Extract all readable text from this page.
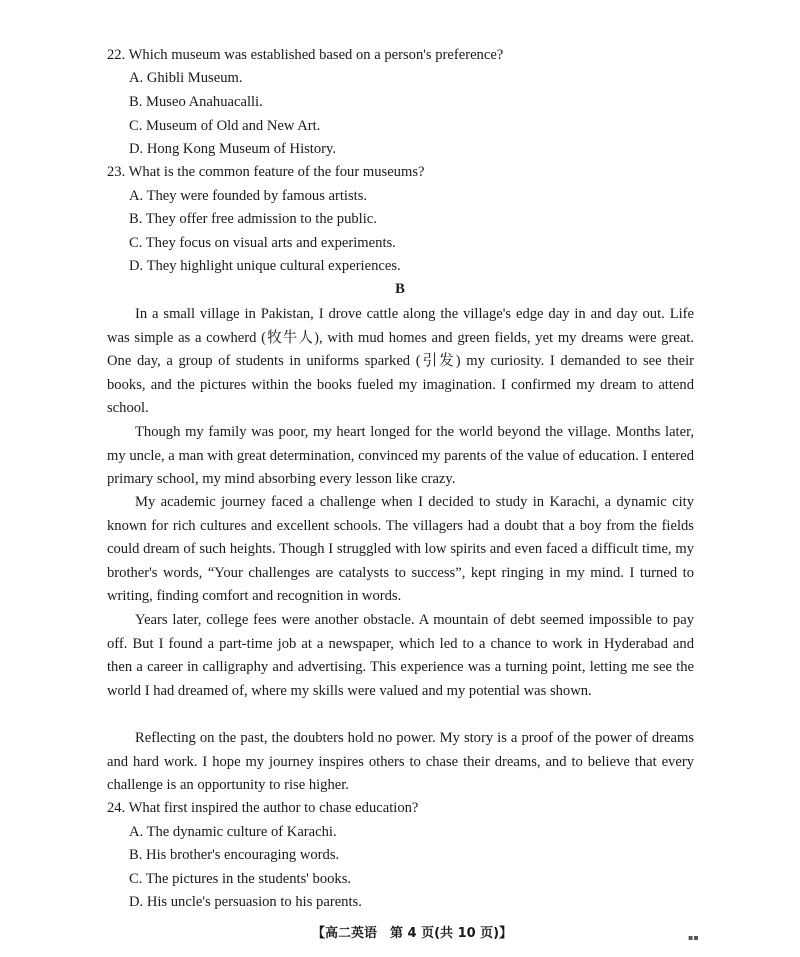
22. Which museum was established based on a person's preference?
A. Ghibli Museum.
B. Museo Anahuacalli.
C. Museum of Old and New Art.
D. Hong Kong Museum of History.
23. What is the common feature of the four museums?
A. They were founded by famous artists.
B. They offer free admission to the public.
C. They focus on visual arts and experiments.
D. They highlight unique cultural experiences.
B
In a small village in Pakistan, I drove cattle along the village's edge day in and day out. Life was simple as a cowherd (牧牛人), with mud homes and green fields, yet my dreams were great. One day, a group of students in uniforms sparked (引发) my curiosity. I demanded to see their books, and the pictures within the books fueled my imagination. I confirmed my dream to attend school.
Though my family was poor, my heart longed for the world beyond the village. Months later, my uncle, a man with great determination, convinced my parents of the value of education. I entered primary school, my mind absorbing every lesson like crazy.
My academic journey faced a challenge when I decided to study in Karachi, a dynamic city known for rich cultures and excellent schools. The villagers had a doubt that a boy from the fields could dream of such heights. Though I struggled with low spirits and even faced a difficult time, my brother's words, “Your challenges are catalysts to success”, kept ringing in my mind. I turned to writing, finding comfort and recognition in words.
Years later, college fees were another obstacle. A mountain of debt seemed impossible to pay off. But I found a part-time job at a newspaper, which led to a chance to work in Hyderabad and then a career in calligraphy and advertising. This experience was a turning point, letting me see the world I had dreamed of, where my skills were valued and my potential was shown.
Reflecting on the past, the doubters hold no power. My story is a proof of the power of dreams and hard work. I hope my journey inspires others to chase their dreams, and to believe that every challenge is an opportunity to rise higher.
24. What first inspired the author to chase education?
A. The dynamic culture of Karachi.
B. His brother's encouraging words.
C. The pictures in the students' books.
D. His uncle's persuasion to his parents.
【高二英语　第 4 页(共 10 页)】	▪▪
